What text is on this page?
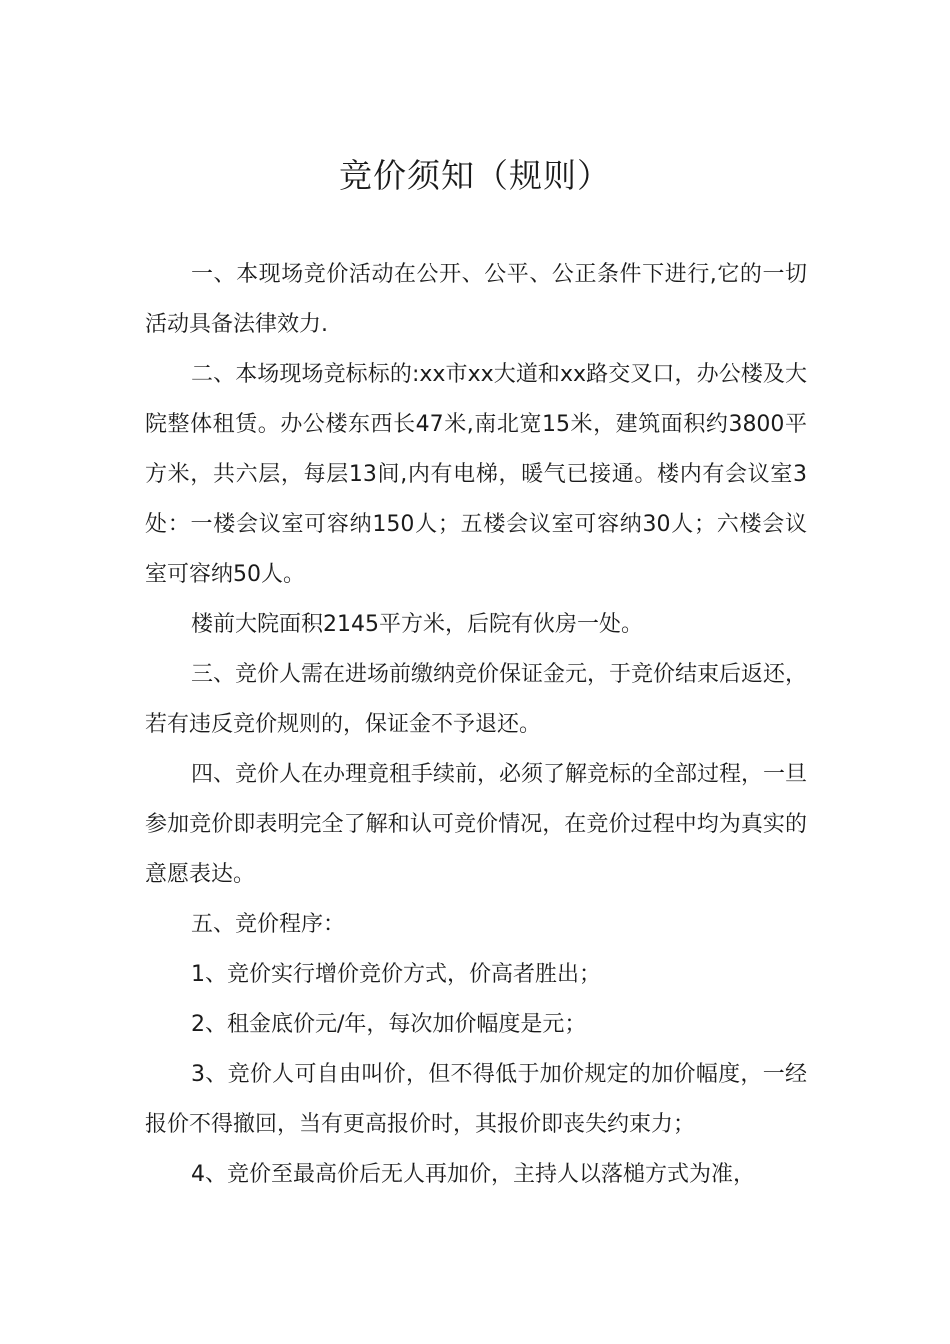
竞价须知（规则）

一、本现场竞价活动在公开、公平、公正条件下进行,它的一切活动具备法律效力.

二、本场现场竞标标的:xx市xx大道和xx路交叉口，办公楼及大院整体租赁。办公楼东西长47米,南北宽15米，建筑面积约3800平方米，共六层，每层13间,内有电梯，暖气已接通。楼内有会议室3处：一楼会议室可容纳150人；五楼会议室可容纳30人；六楼会议室可容纳50人。

楼前大院面积2145平方米，后院有伙房一处。

三、竞价人需在进场前缴纳竞价保证金元，于竞价结束后返还，若有违反竞价规则的，保证金不予退还。

四、竞价人在办理竟租手续前，必须了解竞标的全部过程，一旦参加竞价即表明完全了解和认可竞价情况，在竞价过程中均为真实的意愿表达。

五、竞价程序：

1、竞价实行增价竞价方式，价高者胜出；

2、租金底价元/年，每次加价幅度是元；

3、竞价人可自由叫价，但不得低于加价规定的加价幅度，一经报价不得撤回，当有更高报价时，其报价即丧失约束力；

4、竞价至最高价后无人再加价，主持人以落槌方式为准，
